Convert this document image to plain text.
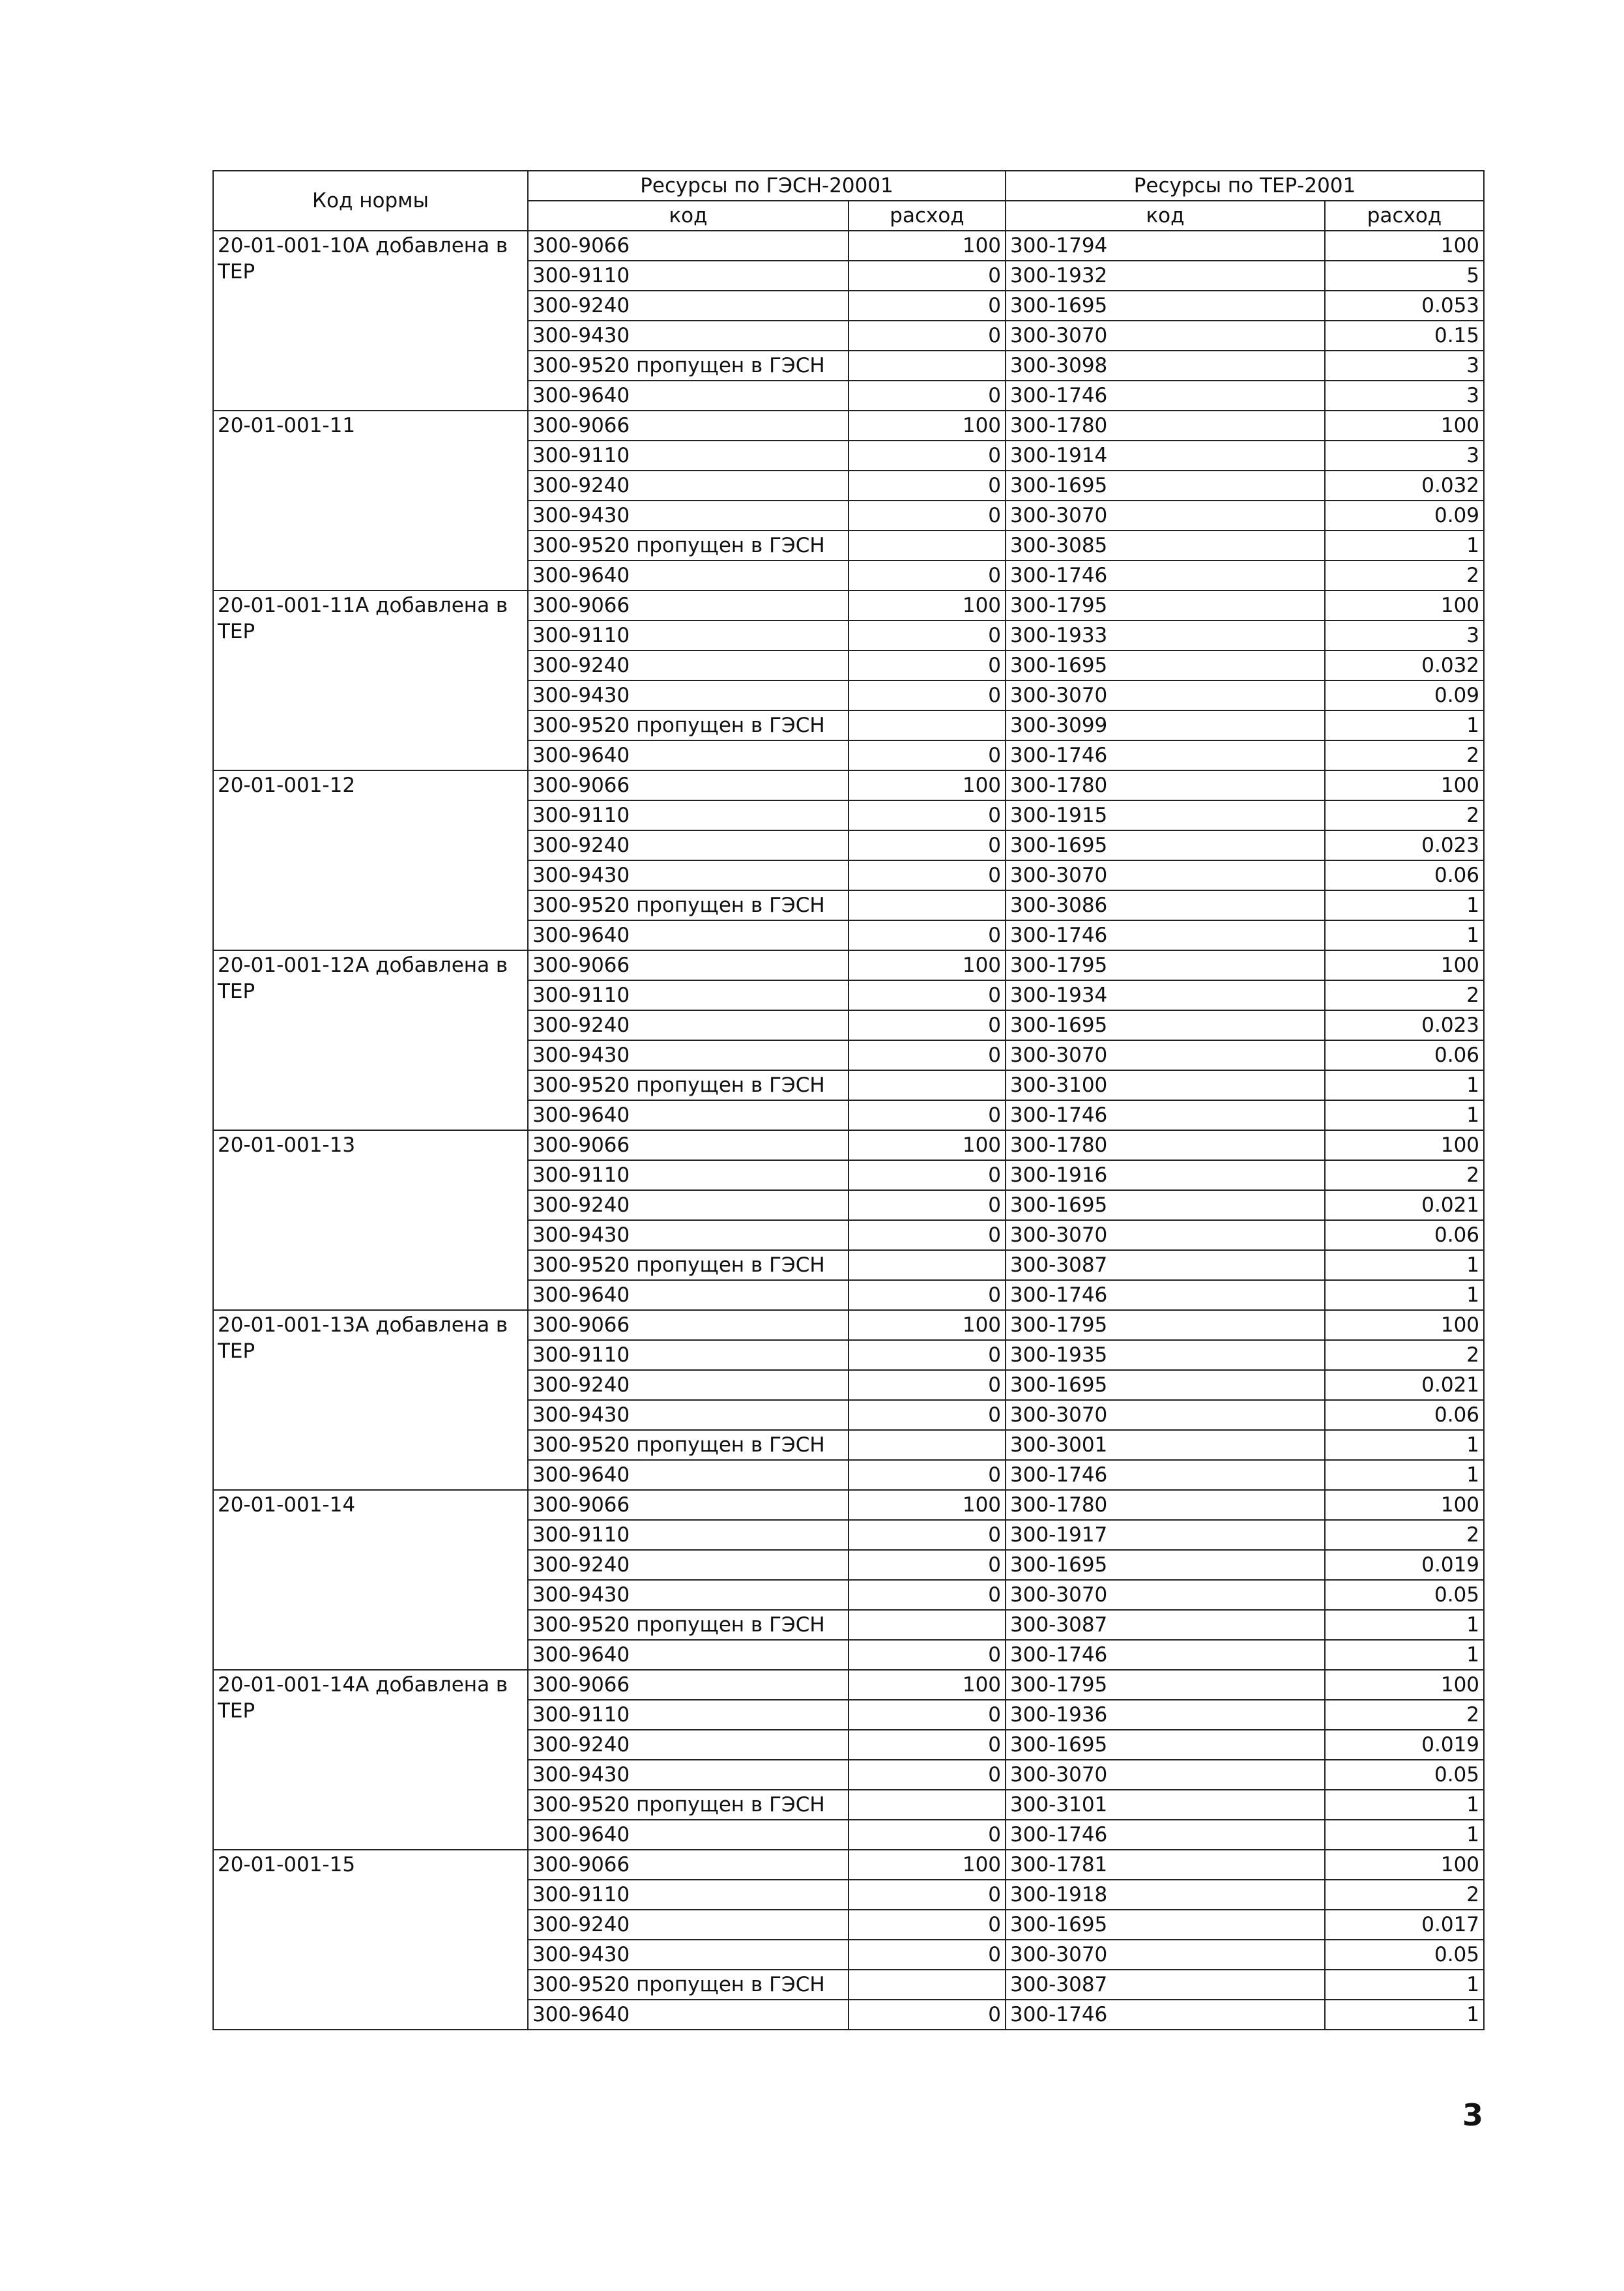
Код нормы	Ресурсы по ГЭСН-20001		Ресурсы по ТЕР-2001	
	код	расход	код	расход
20-01-001-10А добавлена в ТЕР	300-9066	100	300-1794	100
	300-9110	0	300-1932	5
	300-9240	0	300-1695	0.053
	300-9430	0	300-3070	0.15
	300-9520 пропущен в ГЭСН		300-3098	3
	300-9640	0	300-1746	3
20-01-001-11	300-9066	100	300-1780	100
	300-9110	0	300-1914	3
	300-9240	0	300-1695	0.032
	300-9430	0	300-3070	0.09
	300-9520 пропущен в ГЭСН		300-3085	1
	300-9640	0	300-1746	2
20-01-001-11А добавлена в ТЕР	300-9066	100	300-1795	100
	300-9110	0	300-1933	3
	300-9240	0	300-1695	0.032
	300-9430	0	300-3070	0.09
	300-9520 пропущен в ГЭСН		300-3099	1
	300-9640	0	300-1746	2
20-01-001-12	300-9066	100	300-1780	100
	300-9110	0	300-1915	2
	300-9240	0	300-1695	0.023
	300-9430	0	300-3070	0.06
	300-9520 пропущен в ГЭСН		300-3086	1
	300-9640	0	300-1746	1
20-01-001-12А добавлена в ТЕР	300-9066	100	300-1795	100
	300-9110	0	300-1934	2
	300-9240	0	300-1695	0.023
	300-9430	0	300-3070	0.06
	300-9520 пропущен в ГЭСН		300-3100	1
	300-9640	0	300-1746	1
20-01-001-13	300-9066	100	300-1780	100
	300-9110	0	300-1916	2
	300-9240	0	300-1695	0.021
	300-9430	0	300-3070	0.06
	300-9520 пропущен в ГЭСН		300-3087	1
	300-9640	0	300-1746	1
20-01-001-13А добавлена в ТЕР	300-9066	100	300-1795	100
	300-9110	0	300-1935	2
	300-9240	0	300-1695	0.021
	300-9430	0	300-3070	0.06
	300-9520 пропущен в ГЭСН		300-3001	1
	300-9640	0	300-1746	1
20-01-001-14	300-9066	100	300-1780	100
	300-9110	0	300-1917	2
	300-9240	0	300-1695	0.019
	300-9430	0	300-3070	0.05
	300-9520 пропущен в ГЭСН		300-3087	1
	300-9640	0	300-1746	1
20-01-001-14А добавлена в ТЕР	300-9066	100	300-1795	100
	300-9110	0	300-1936	2
	300-9240	0	300-1695	0.019
	300-9430	0	300-3070	0.05
	300-9520 пропущен в ГЭСН		300-3101	1
	300-9640	0	300-1746	1
20-01-001-15	300-9066	100	300-1781	100
	300-9110	0	300-1918	2
	300-9240	0	300-1695	0.017
	300-9430	0	300-3070	0.05
	300-9520 пропущен в ГЭСН		300-3087	1
	300-9640	0	300-1746	1
3
